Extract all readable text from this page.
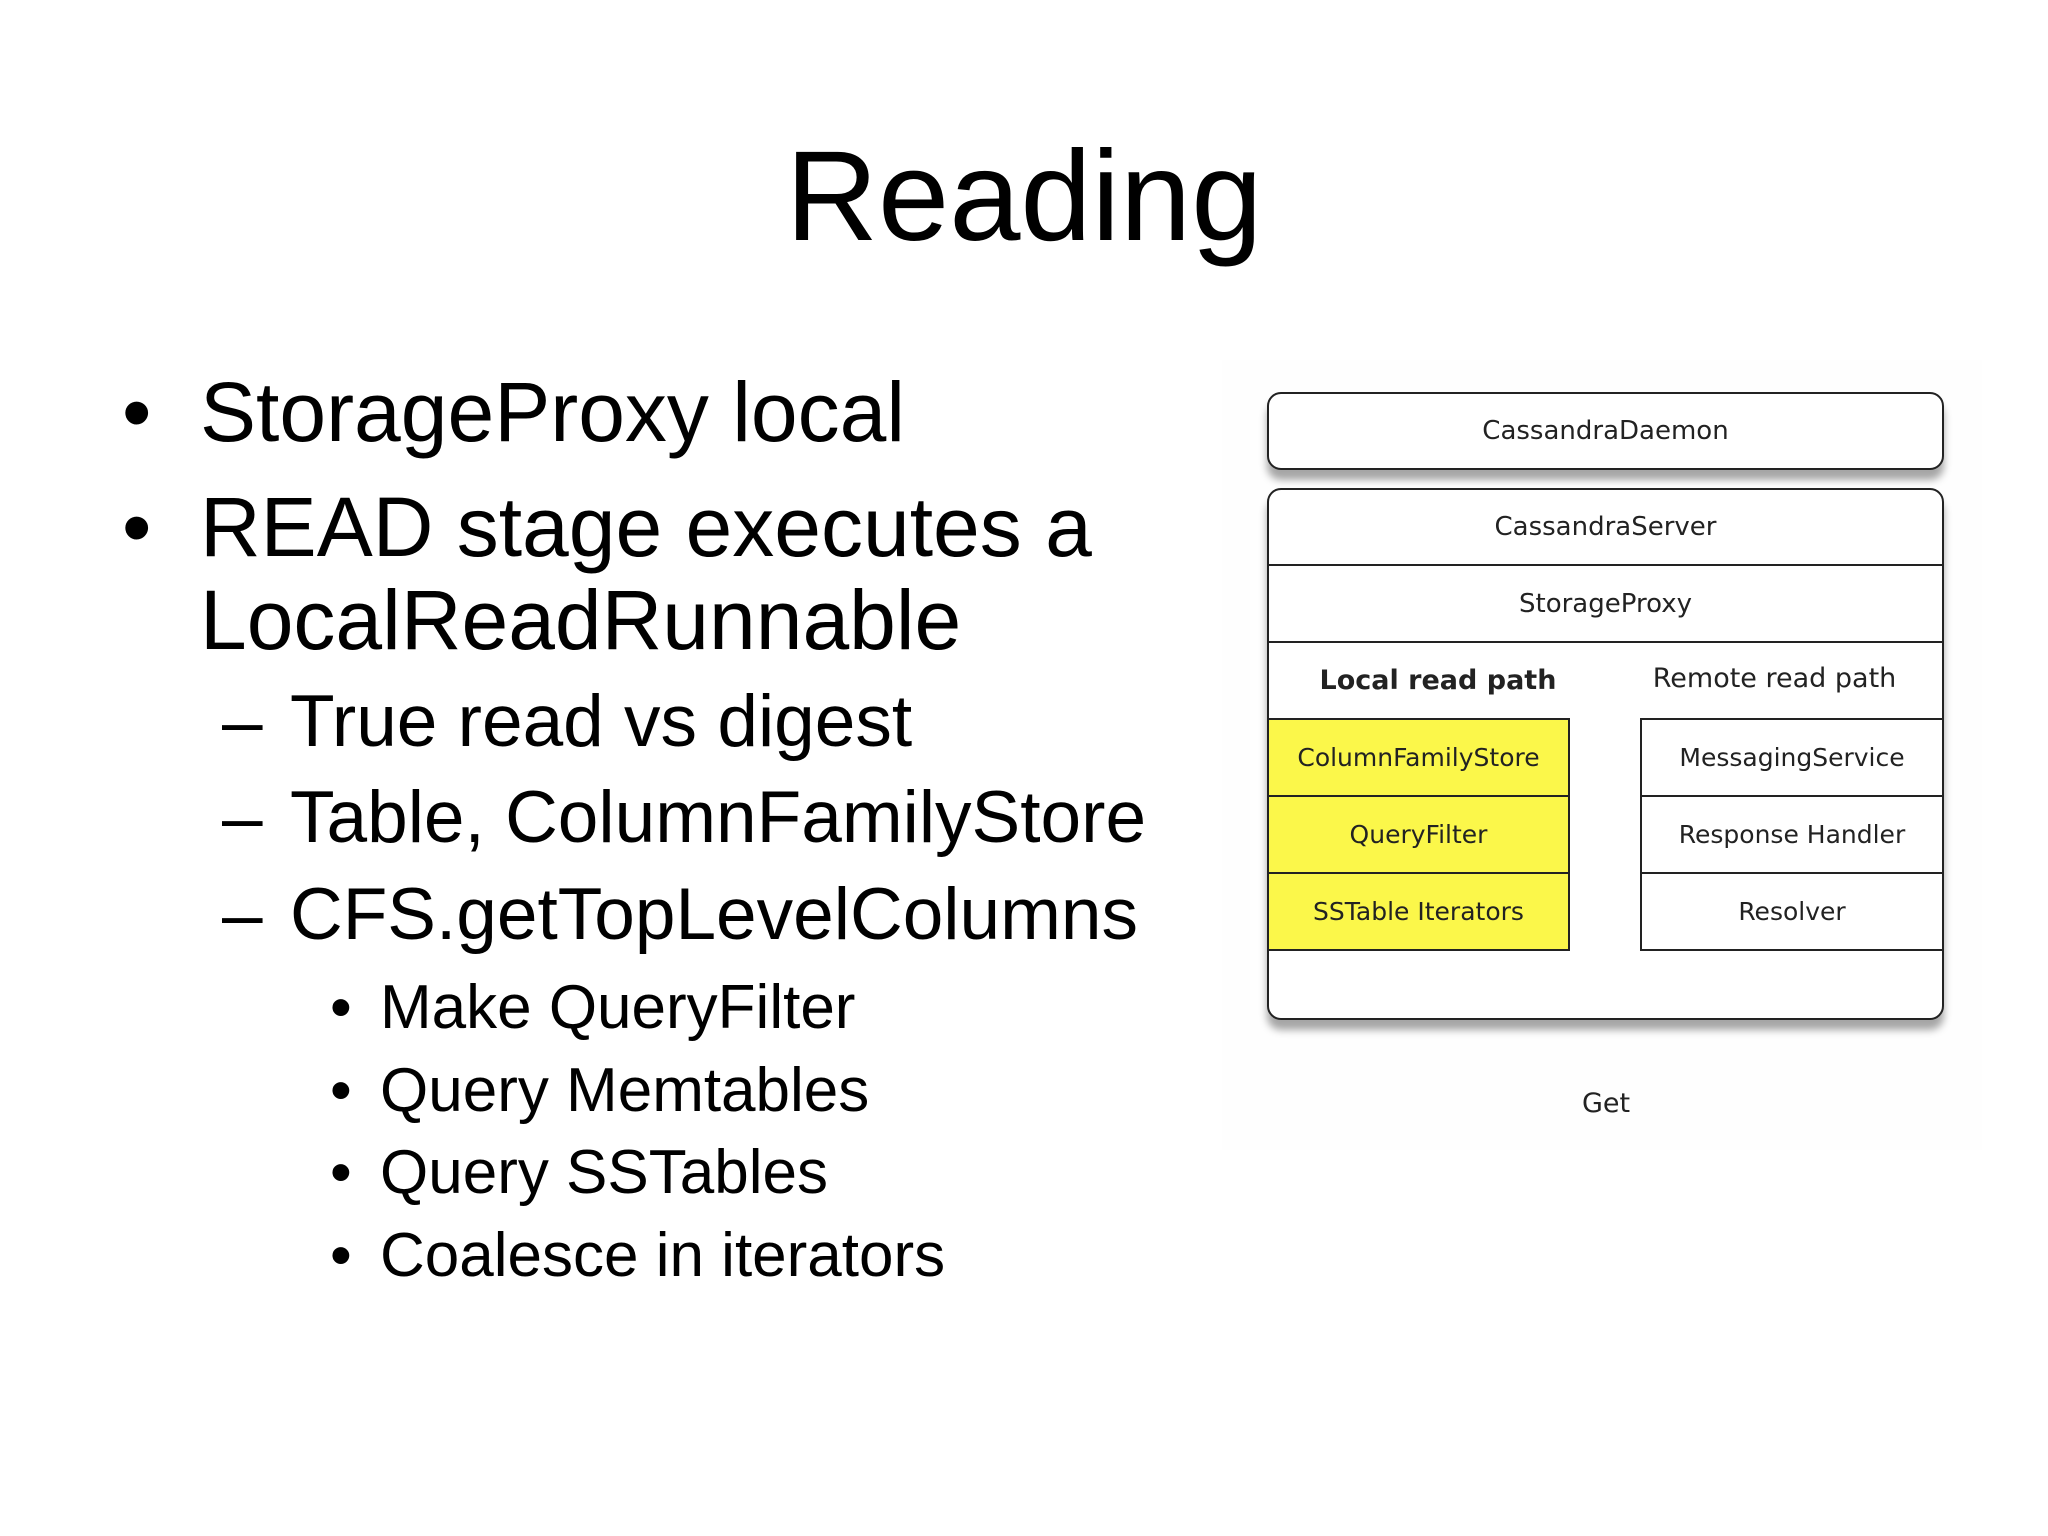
Reading
• StoragePro​xy local
• READ stage executes a
LocalReadRunnable
– True read vs digest
– Table, ColumnFamilyStore
– CFS.getTopLevelColumns
• Make QueryFilter
• Query Memtables
• Query SSTables
• Coalesce in iterators
CassandraDaemon
CassandraServer
StorageProxy
Local read path	Remote read path
ColumnFamilyStore
QueryFilter
SSTable Iterators
MessagingService
Response Handler
Resolver
Get
